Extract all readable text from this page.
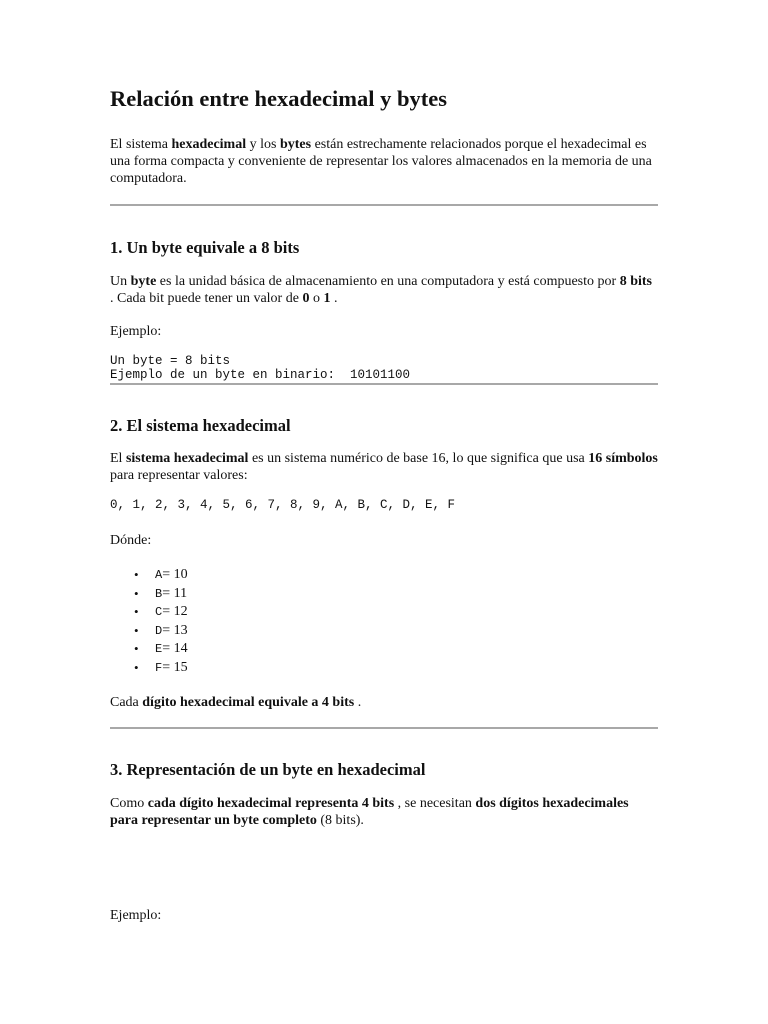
Relación entre hexadecimal y bytes

El sistema hexadecimal y los bytes están estrechamente relacionados porque el hexadecimal es una forma compacta y conveniente de representar los valores almacenados en la memoria de una computadora.

1. Un byte equivale a 8 bits

Un byte es la unidad básica de almacenamiento en una computadora y está compuesto por 8 bits . Cada bit puede tener un valor de 0 o 1 .

Ejemplo:

Un byte = 8 bits
Ejemplo de un byte en binario:  10101100
2. El sistema hexadecimal

El sistema hexadecimal es un sistema numérico de base 16, lo que significa que usa 16 símbolos para representar valores:

0, 1, 2, 3, 4, 5, 6, 7, 8, 9, A, B, C, D, E, F

Dónde:

• A= 10
• B= 11
• C= 12
• D= 13
• E= 14
• F= 15

Cada dígito hexadecimal equivale a 4 bits .

3. Representación de un byte en hexadecimal

Como cada dígito hexadecimal representa 4 bits , se necesitan dos dígitos hexadecimales para representar un byte completo (8 bits).

Ejemplo:
